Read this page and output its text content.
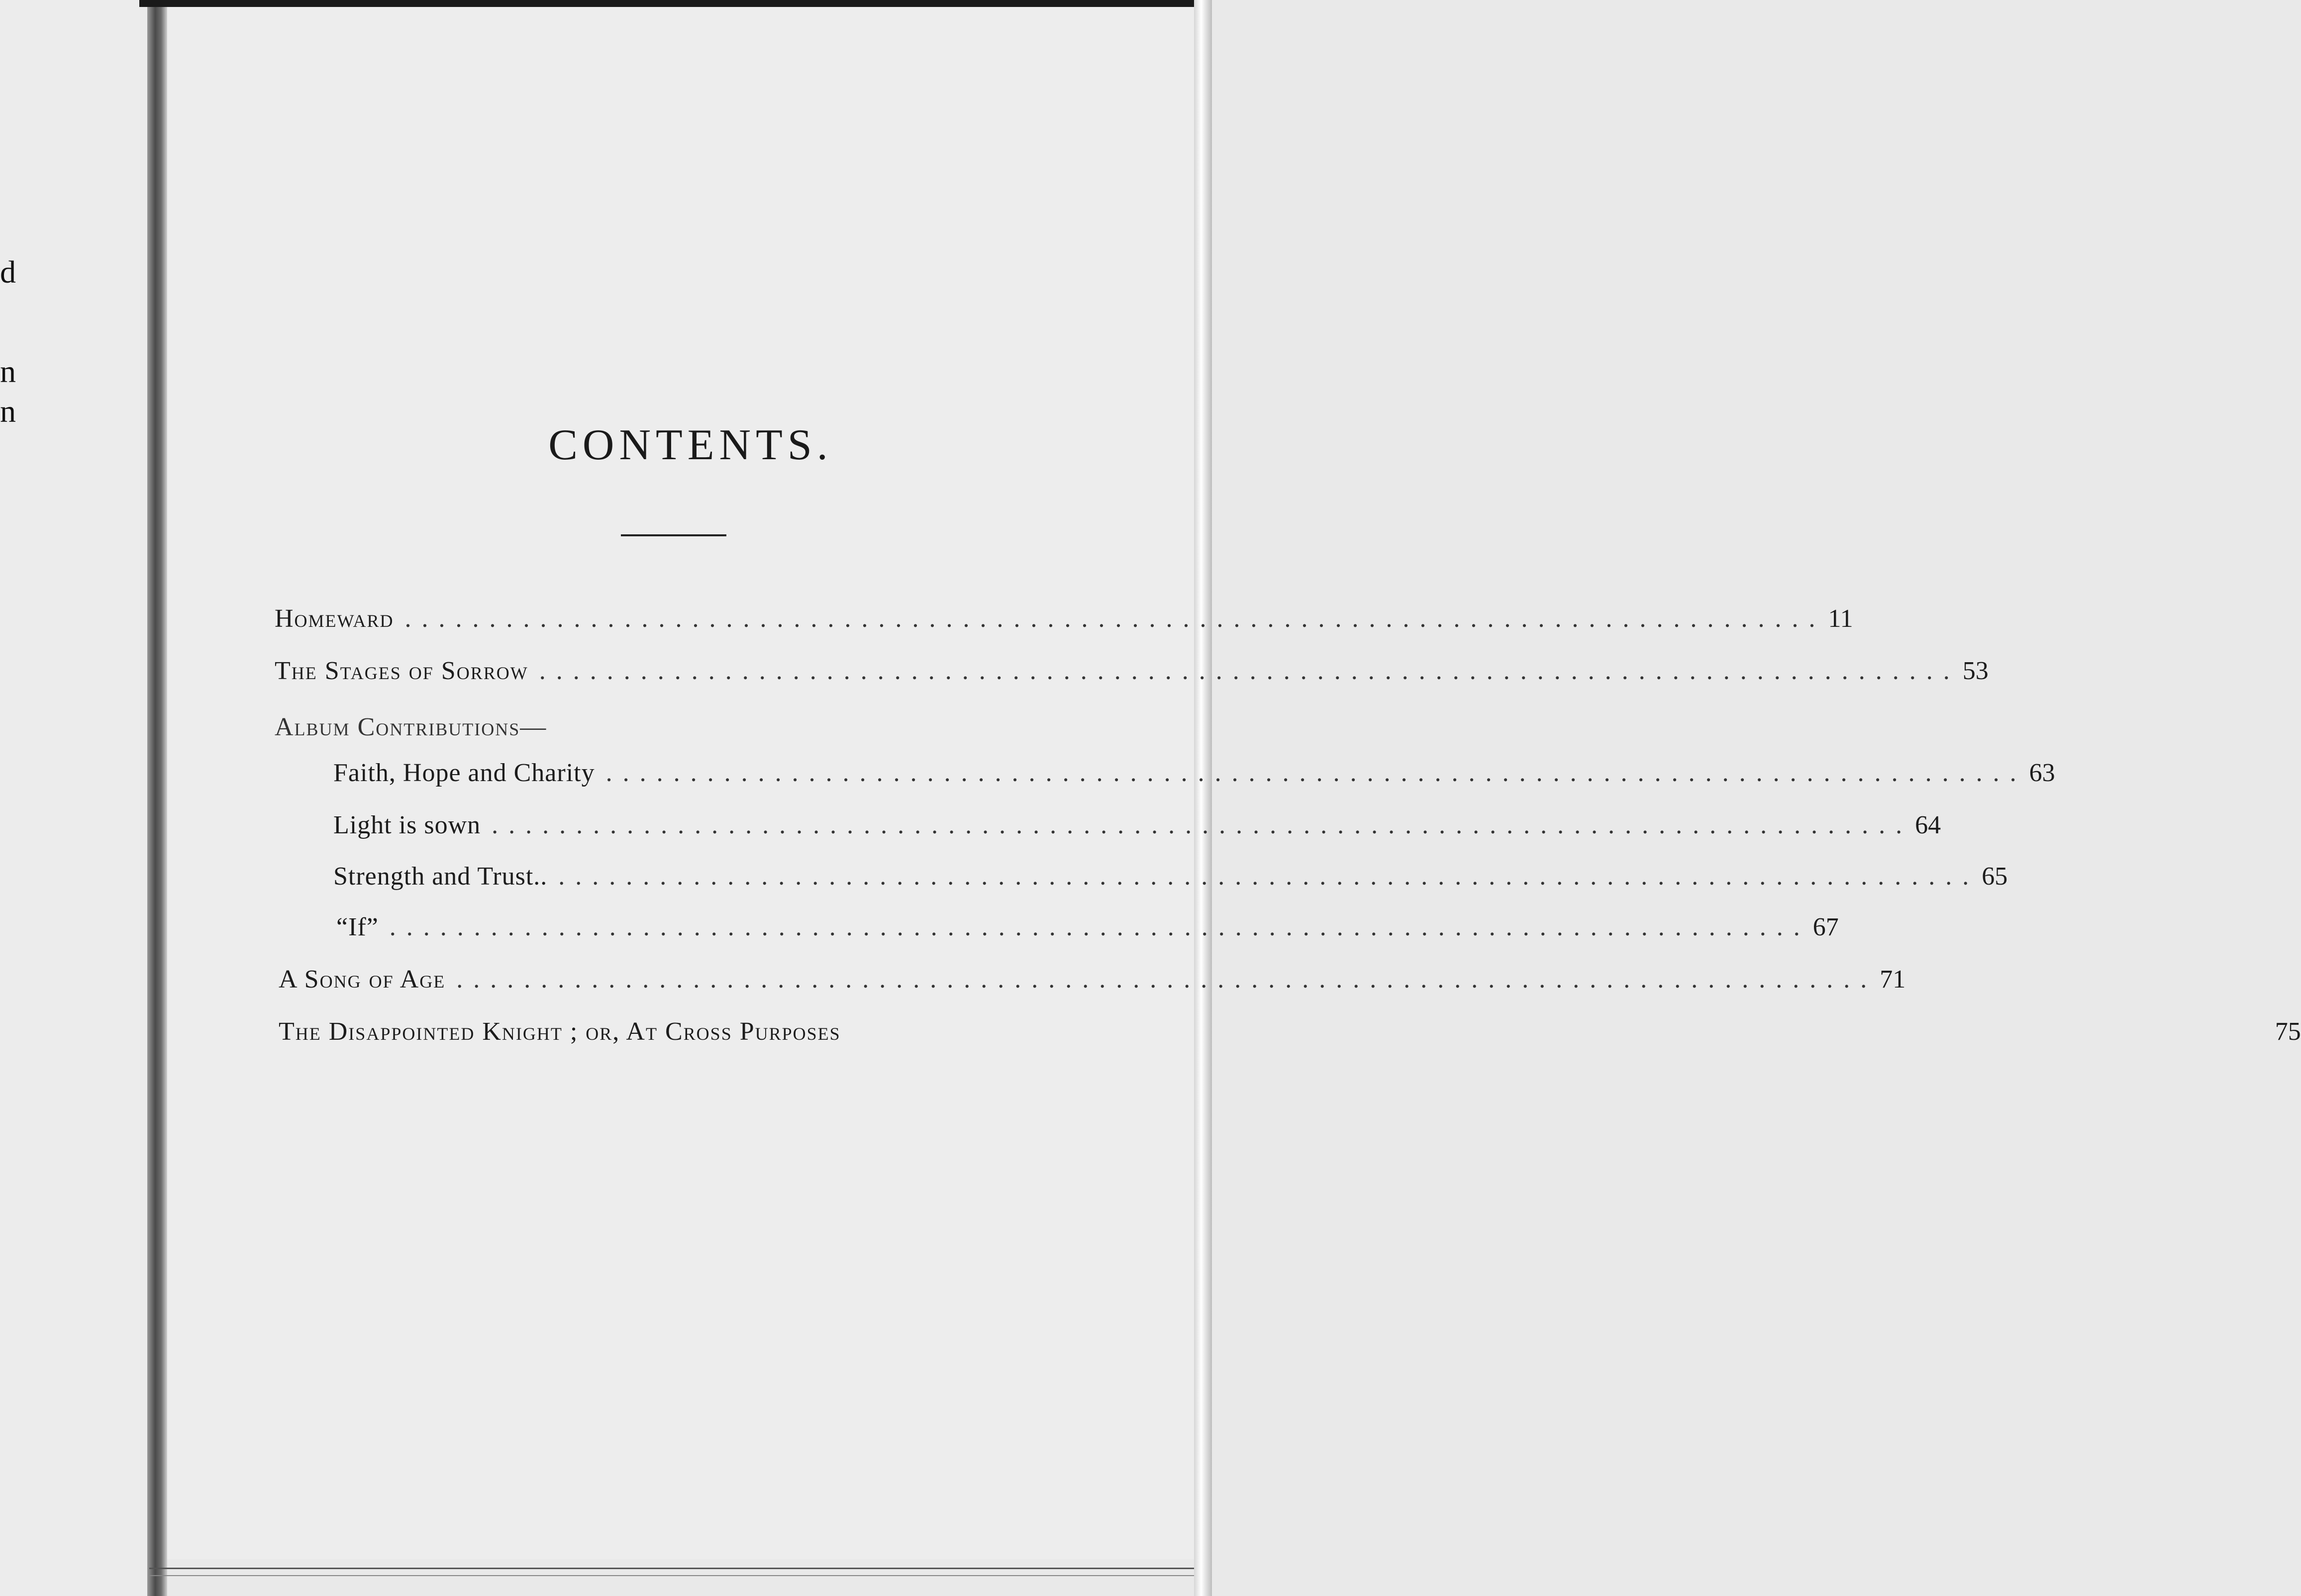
d
n
n
CONTENTS.
Homeward . . .	11
The Stages of Sorrow . . .	53
Album Contributions—
Faith, Hope and Charity . . .	63
Light is sown . . .	64
Strength and Trust.. . . .	65
“If” . . .	67
A Song of Age . . .	71
The Disappointed Knight ; or, At Cross Purposes	75
